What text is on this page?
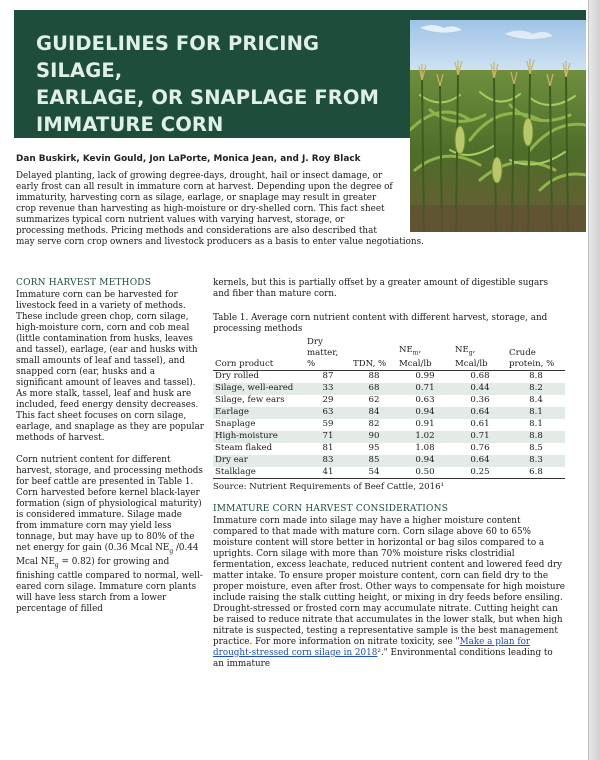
GUIDELINES FOR PRICING SILAGE,
EARLAGE, OR SNAPLAGE FROM
IMMATURE CORN
Dan Buskirk, Kevin Gould, Jon LaPorte, Monica Jean, and J. Roy Black
Delayed planting, lack of growing degree-days, drought, hail or insect damage, or early frost can all result in immature corn at harvest. Depending upon the degree of immaturity, harvesting corn as silage, earlage, or snaplage may result in greater crop revenue than harvesting as high-moisture or dry-shelled corn. This fact sheet summarizes typical corn nutrient values with varying harvest, storage, or processing methods. Pricing methods and considerations are also described that may serve corn crop owners and livestock producers as a basis to enter value negotiations.
CORN HARVEST METHODS

Immature corn can be harvested for livestock feed in a variety of methods. These include green chop, corn silage, high-moisture corn, corn and cob meal (little contamination from husks, leaves and tassel), earlage, (ear and husks with small amounts of leaf and tassel), and snapped corn (ear, husks and a significant amount of leaves and tassel). As more stalk, tassel, leaf and husk are included, feed energy density decreases. This fact sheet focuses on corn silage, earlage, and snaplage as they are popular methods of harvest.

Corn nutrient content for different harvest, storage, and processing methods for beef cattle are presented in Table 1. Corn harvested before kernel black-layer formation (sign of physiological maturity) is considered immature. Silage made from immature corn may yield less tonnage, but may have up to 80% of the net energy for gain (0.36 Mcal $NE_g$ /0.44 Mcal $NE_g = 0.82$) for growing and finishing cattle compared to normal, well-eared corn silage. Immature corn plants will have less starch from a lower percentage of filled

kernels, but this is partially offset by a greater amount of digestible sugars and fiber than mature corn.

Table 1. Average corn nutrient content with different harvest, storage, and processing methods
Corn product	Dry matter, %	TDN, %	$NE_m$, Mcal/lb	$NE_g$, Mcal/lb	Crude protein, %
Dry rolled	87	88	0.99	0.68	8.8
Silage, well-eared	33	68	0.71	0.44	8.2
Silage, few ears	29	62	0.63	0.36	8.4
Earlage	63	84	0.94	0.64	8.1
Snaplage	59	82	0.91	0.61	8.1
High-moisture	71	90	1.02	0.71	8.8
Steam flaked	81	95	1.08	0.76	8.5
Dry ear	83	85	0.94	0.64	8.3
Stalklage	41	54	0.50	0.25	6.8
Source: Nutrient Requirements of Beef Cattle, 2016¹
IMMATURE CORN HARVEST CONSIDERATIONS

Immature corn made into silage may have a higher moisture content compared to that made with mature corn. Corn silage above 60 to 65% moisture content will store better in horizontal or bag silos compared to a uprights. Corn silage with more than 70% moisture risks clostridial fermentation, excess leachate, reduced nutrient content and lowered feed dry matter intake. To ensure proper moisture content, corn can field dry to the proper moisture, even after frost. Other ways to compensate for high moisture include raising the stalk cutting height, or mixing in dry feeds before ensiling. Drought-stressed or frosted corn may accumulate nitrate. Cutting height can be raised to reduce nitrate that accumulates in the lower stalk, but when high nitrate is suspected, testing a representative sample is the best management practice. For more information on nitrate toxicity, see "Make a plan for drought-stressed corn silage in 2018²." Environmental conditions leading to an immature
